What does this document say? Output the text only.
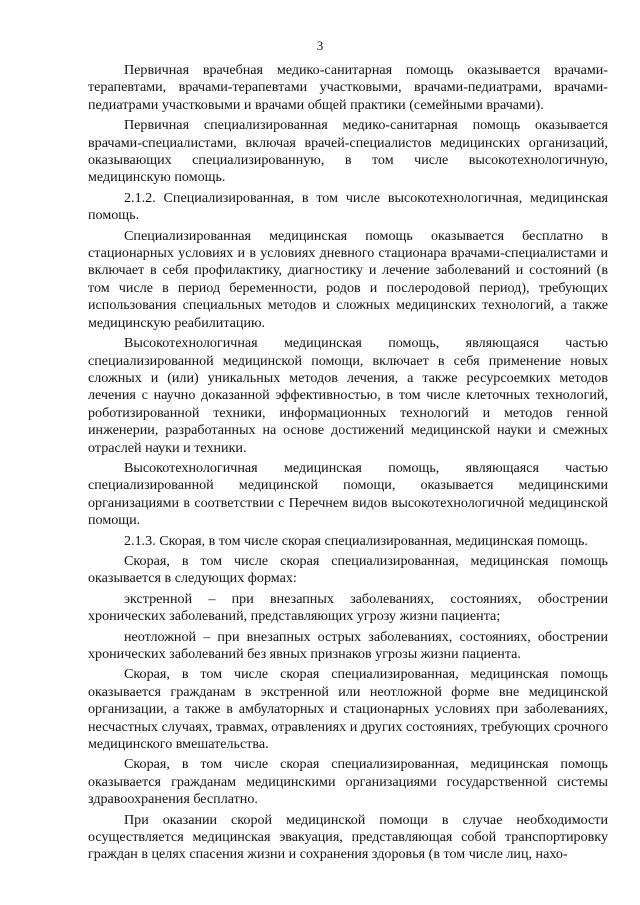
3

Первичная врачебная медико-санитарная помощь оказывается врачами-терапевтами, врачами-терапевтами участковыми, врачами-педиатрами, врачами-педиатрами участковыми и врачами общей практики (семейными врачами).

Первичная специализированная медико-санитарная помощь оказывается врачами-специалистами, включая врачей-специалистов медицинских организаций, оказывающих специализированную, в том числе высокотехнологичную, медицинскую помощь.

2.1.2. Специализированная, в том числе высокотехнологичная, медицинская помощь.

Специализированная медицинская помощь оказывается бесплатно в стационарных условиях и в условиях дневного стационара врачами-специалистами и включает в себя профилактику, диагностику и лечение заболеваний и состояний (в том числе в период беременности, родов и послеродовой период), требующих использования специальных методов и сложных медицинских технологий, а также медицинскую реабилитацию.

Высокотехнологичная медицинская помощь, являющаяся частью специализированной медицинской помощи, включает в себя применение новых сложных и (или) уникальных методов лечения, а также ресурсоемких методов лечения с научно доказанной эффективностью, в том числе клеточных технологий, роботизированной техники, информационных технологий и методов генной инженерии, разработанных на основе достижений медицинской науки и смежных отраслей науки и техники.

Высокотехнологичная медицинская помощь, являющаяся частью специализированной медицинской помощи, оказывается медицинскими организациями в соответствии с Перечнем видов высокотехнологичной медицинской помощи.

2.1.3. Скорая, в том числе скорая специализированная, медицинская помощь.

Скорая, в том числе скорая специализированная, медицинская помощь оказывается в следующих формах:

экстренной – при внезапных заболеваниях, состояниях, обострении хронических заболеваний, представляющих угрозу жизни пациента;

неотложной – при внезапных острых заболеваниях, состояниях, обострении хронических заболеваний без явных признаков угрозы жизни пациента.

Скорая, в том числе скорая специализированная, медицинская помощь оказывается гражданам в экстренной или неотложной форме вне медицинской организации, а также в амбулаторных и стационарных условиях при заболеваниях, несчастных случаях, травмах, отравлениях и других состояниях, требующих срочного медицинского вмешательства.

Скорая, в том числе скорая специализированная, медицинская помощь оказывается гражданам медицинскими организациями государственной системы здравоохранения бесплатно.

При оказании скорой медицинской помощи в случае необходимости осуществляется медицинская эвакуация, представляющая собой транспортировку граждан в целях спасения жизни и сохранения здоровья (в том числе лиц, нахо-
